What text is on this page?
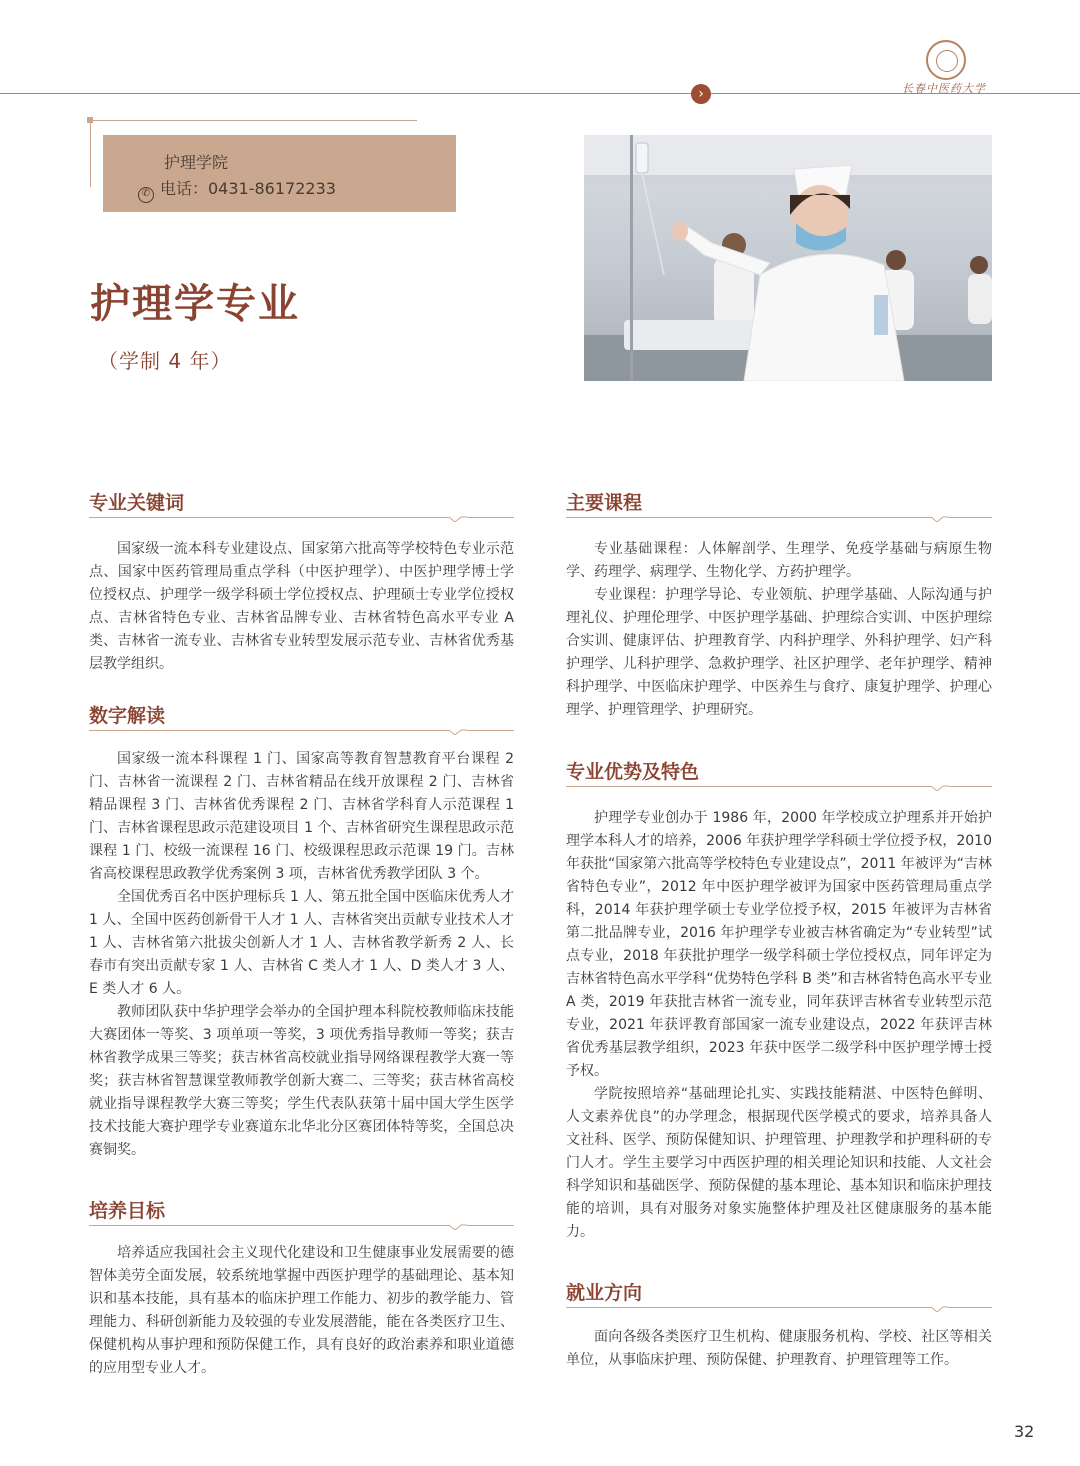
›	长春中医药大学
护理学院
✆ 电话：0431-86172233
护理学专业
（学制 4 年）
专业关键词

国家级一流本科专业建设点、国家第六批高等学校特色专业示范点、国家中医药管理局重点学科（中医护理学）、中医护理学博士学位授权点、护理学一级学科硕士学位授权点、护理硕士专业学位授权点、吉林省特色专业、吉林省品牌专业、吉林省特色高水平专业 A 类、吉林省一流专业、吉林省专业转型发展示范专业、吉林省优秀基层教学组织。

数字解读

国家级一流本科课程 1 门、国家高等教育智慧教育平台课程 2 门、吉林省一流课程 2 门、吉林省精品在线开放课程 2 门、吉林省精品课程 3 门、吉林省优秀课程 2 门、吉林省学科育人示范课程 1 门、吉林省课程思政示范建设项目 1 个、吉林省研究生课程思政示范课程 1 门、校级一流课程 16 门、校级课程思政示范课 19 门。吉林省高校课程思政教学优秀案例 3 项，吉林省优秀教学团队 3 个。

全国优秀百名中医护理标兵 1 人、第五批全国中医临床优秀人才 1 人、全国中医药创新骨干人才 1 人、吉林省突出贡献专业技术人才 1 人、吉林省第六批拔尖创新人才 1 人、吉林省教学新秀 2 人、长春市有突出贡献专家 1 人、吉林省 C 类人才 1 人、D 类人才 3 人、E 类人才 6 人。

教师团队获中华护理学会举办的全国护理本科院校教师临床技能大赛团体一等奖、3 项单项一等奖，3 项优秀指导教师一等奖；获吉林省教学成果三等奖；获吉林省高校就业指导网络课程教学大赛一等奖；获吉林省智慧课堂教师教学创新大赛二、三等奖；获吉林省高校就业指导课程教学大赛三等奖；学生代表队获第十届中国大学生医学技术技能大赛护理学专业赛道东北华北分区赛团体特等奖，全国总决赛铜奖。

培养目标

培养适应我国社会主义现代化建设和卫生健康事业发展需要的德智体美劳全面发展，较系统地掌握中西医护理学的基础理论、基本知识和基本技能，具有基本的临床护理工作能力、初步的教学能力、管理能力、科研创新能力及较强的专业发展潜能，能在各类医疗卫生、保健机构从事护理和预防保健工作，具有良好的政治素养和职业道德的应用型专业人才。

主要课程

专业基础课程：人体解剖学、生理学、免疫学基础与病原生物学、药理学、病理学、生物化学、方药护理学。

专业课程：护理学导论、专业领航、护理学基础、人际沟通与护理礼仪、护理伦理学、中医护理学基础、护理综合实训、中医护理综合实训、健康评估、护理教育学、内科护理学、外科护理学、妇产科护理学、儿科护理学、急救护理学、社区护理学、老年护理学、精神科护理学、中医临床护理学、中医养生与食疗、康复护理学、护理心理学、护理管理学、护理研究。

专业优势及特色

护理学专业创办于 1986 年，2000 年学校成立护理系并开始护理学本科人才的培养，2006 年获护理学学科硕士学位授予权，2010 年获批“国家第六批高等学校特色专业建设点”，2011 年被评为“吉林省特色专业”，2012 年中医护理学被评为国家中医药管理局重点学科，2014 年获护理学硕士专业学位授予权，2015 年被评为吉林省第二批品牌专业，2016 年护理学专业被吉林省确定为“专业转型”试点专业，2018 年获批护理学一级学科硕士学位授权点，同年评定为吉林省特色高水平学科“优势特色学科 B 类”和吉林省特色高水平专业 A 类，2019 年获批吉林省一流专业，同年获评吉林省专业转型示范专业，2021 年获评教育部国家一流专业建设点，2022 年获评吉林省优秀基层教学组织，2023 年获中医学二级学科中医护理学博士授予权。

学院按照培养“基础理论扎实、实践技能精湛、中医特色鲜明、人文素养优良”的办学理念，根据现代医学模式的要求，培养具备人文社科、医学、预防保健知识、护理管理、护理教学和护理科研的专门人才。学生主要学习中西医护理的相关理论知识和技能、人文社会科学知识和基础医学、预防保健的基本理论、基本知识和临床护理技能的培训，具有对服务对象实施整体护理及社区健康服务的基本能力。

就业方向

面向各级各类医疗卫生机构、健康服务机构、学校、社区等相关单位，从事临床护理、预防保健、护理教育、护理管理等工作。

32
